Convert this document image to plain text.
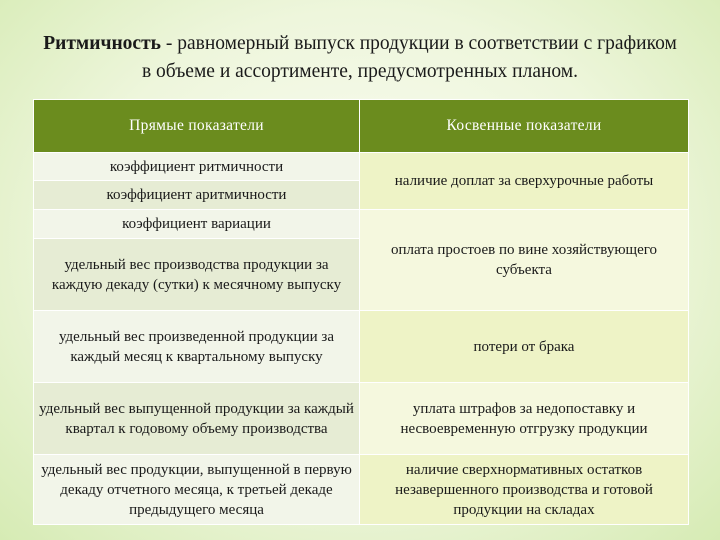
Ритмичность - равномерный выпуск продукции в соответствии с графиком в объеме и ассортименте, предусмотренных планом.
Прямые показатели	Косвенные показатели
коэффициент ритмичности	наличие доплат за сверхурочные работы
коэффициент аритмичности	
коэффициент вариации	оплата простоев по вине хозяйствующего субъекта
удельный вес производства продукции за каждую декаду (сутки) к месячному выпуску	
удельный вес произведенной продукции за каждый месяц к квартальному выпуску	потери от брака
удельный вес выпущенной продукции за каждый квартал к годовому объему производства	уплата штрафов за недопоставку и несвоевременную отгрузку продукции
удельный вес продукции, выпущенной в первую декаду отчетного месяца, к третьей декаде предыдущего месяца	наличие сверхнормативных остатков незавершенного производства и готовой продукции на складах
